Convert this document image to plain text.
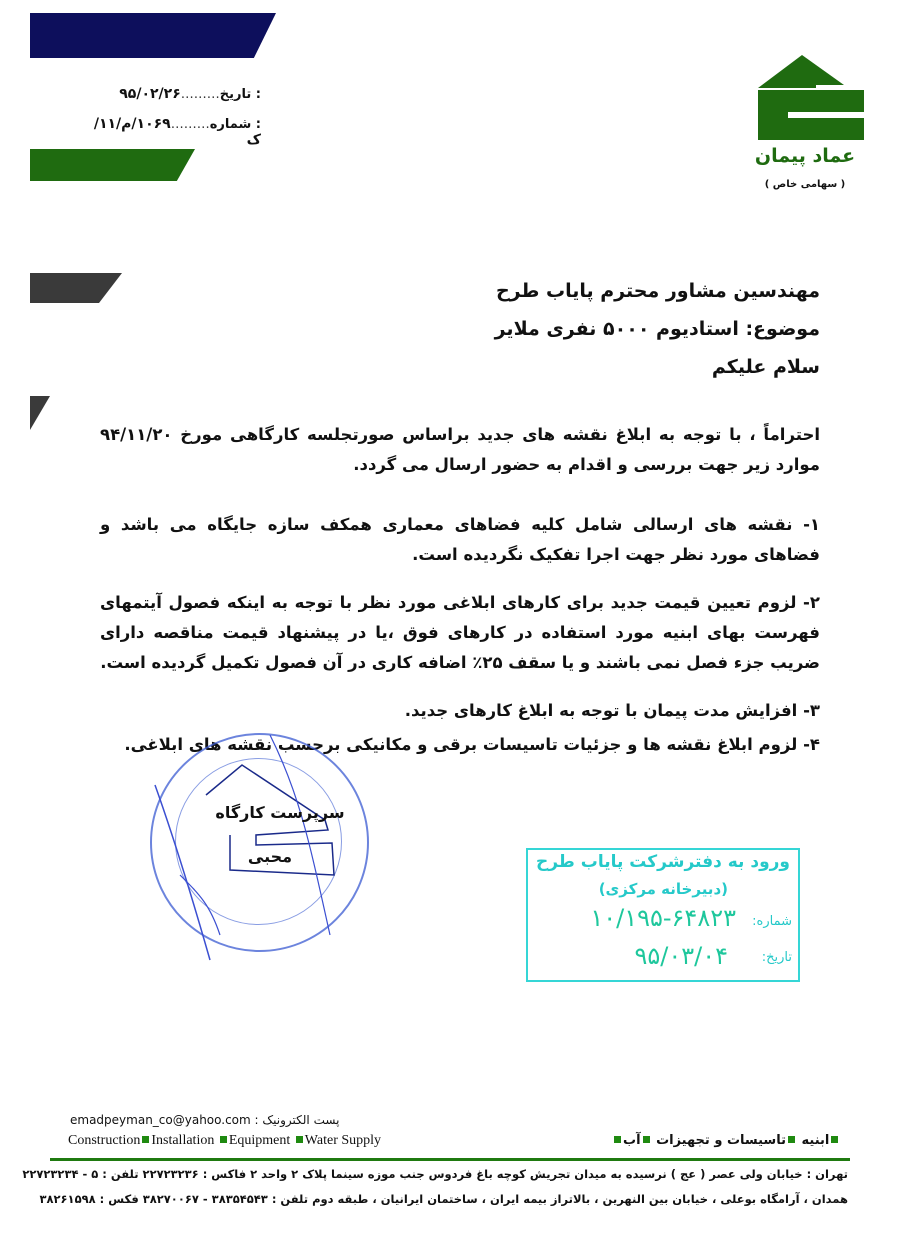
: تاریخ………۹۵/۰۲/۲۶
: شماره………۱۰۶۹/م/۱۱/ک
عماد پیمان
( سهامی خاص )
مهندسین مشاور محترم پایاب طرح
موضوع: استادیوم ۵۰۰۰ نفری ملایر
سلام علیکم
احتراماً ، با توجه به ابلاغ نقشه های جدید براساس صورتجلسه کارگاهی مورخ ۹۴/۱۱/۲۰ موارد زیر جهت بررسی و اقدام به حضور ارسال می گردد.
۱- نقشه های ارسالی شامل کلیه فضاهای معماری همکف سازه جایگاه می باشد و فضاهای مورد نظر جهت اجرا تفکیک نگردیده است.
۲- لزوم تعیین قیمت جدید برای کارهای ابلاغی مورد نظر با توجه به اینکه فصول آیتمهای فهرست بهای ابنیه مورد استفاده در کارهای فوق ،یا در پیشنهاد قیمت مناقصه دارای ضریب جزء فصل نمی باشند و یا سقف ۲۵٪ اضافه کاری در آن فصول تکمیل گردیده است.
۳- افزایش مدت پیمان با توجه به ابلاغ کارهای جدید.
۴- لزوم ابلاغ نقشه ها و جزئیات تاسیسات برقی و مکانیکی برحسب نقشه های ابلاغی.
سرپرست کارگاه
محبی	ورود به دفترشرکت پایاب طرح
(دبیرخانه مرکزی)
شماره:
۱۰/۱۹۵-۶۴۸۲۳
تاریخ:
۹۵/۰۳/۰۴
پست الکترونیک : emadpeyman_co@yahoo.com
Construction Installation Equipment Water Supply	ابنیه تاسیسات و تجهیزات آب
تهران : خیابان ولی عصر ( عج ) نرسیده به میدان تجریش کوچه باغ فردوس جنب موزه سینما پلاک ۲ واحد ۲ فاکس : ۲۲۷۲۳۲۳۶ تلفن : ۵ - ۲۲۷۲۳۲۳۴
همدان ، آرامگاه بوعلی ، خیابان بین النهرین ، بالاتراز بیمه ایران ، ساختمان ایرانیان ، طبقه دوم تلفن : ۳۸۳۵۴۵۴۳ - ۳۸۲۷۰۰۶۷ فکس : ۳۸۲۶۱۵۹۸
